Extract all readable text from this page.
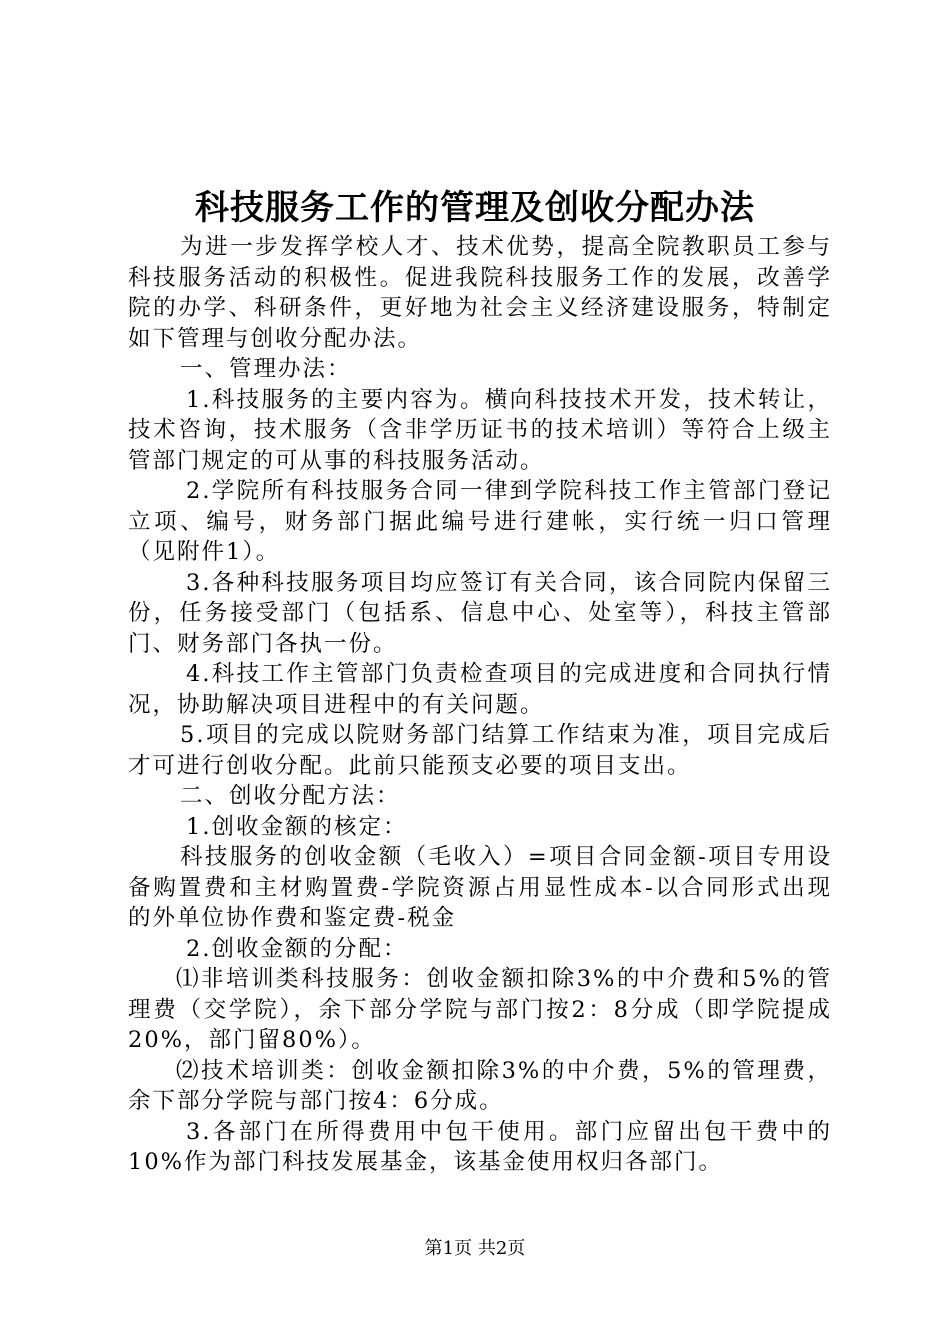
科技服务工作的管理及创收分配办法

为进一步发挥学校人才、技术优势，提高全院教职员工参与科技服务活动的积极性。促进我院科技服务工作的发展，改善学院的办学、科研条件，更好地为社会主义经济建设服务，特制定如下管理与创收分配办法。

一、管理办法：

1.科技服务的主要内容为。横向科技技术开发，技术转让，技术咨询，技术服务（含非学历证书的技术培训）等符合上级主管部门规定的可从事的科技服务活动。

2.学院所有科技服务合同一律到学院科技工作主管部门登记立项、编号，财务部门据此编号进行建帐，实行统一归口管理（见附件1）。

3.各种科技服务项目均应签订有关合同，该合同院内保留三份，任务接受部门（包括系、信息中心、处室等），科技主管部门、财务部门各执一份。

4.科技工作主管部门负责检查项目的完成进度和合同执行情况，协助解决项目进程中的有关问题。

5.项目的完成以院财务部门结算工作结束为准，项目完成后才可进行创收分配。此前只能预支必要的项目支出。

二、创收分配方法：

1.创收金额的核定：

科技服务的创收金额（毛收入）=项目合同金额-项目专用设备购置费和主材购置费-学院资源占用显性成本-以合同形式出现的外单位协作费和鉴定费-税金

2.创收金额的分配：

⑴非培训类科技服务：创收金额扣除3%的中介费和5%的管理费（交学院），余下部分学院与部门按2：8分成（即学院提成20%，部门留80%）。

⑵技术培训类：创收金额扣除3%的中介费，5%的管理费，余下部分学院与部门按4：6分成。

3.各部门在所得费用中包干使用。部门应留出包干费中的10%作为部门科技发展基金，该基金使用权归各部门。

第1页 共2页
